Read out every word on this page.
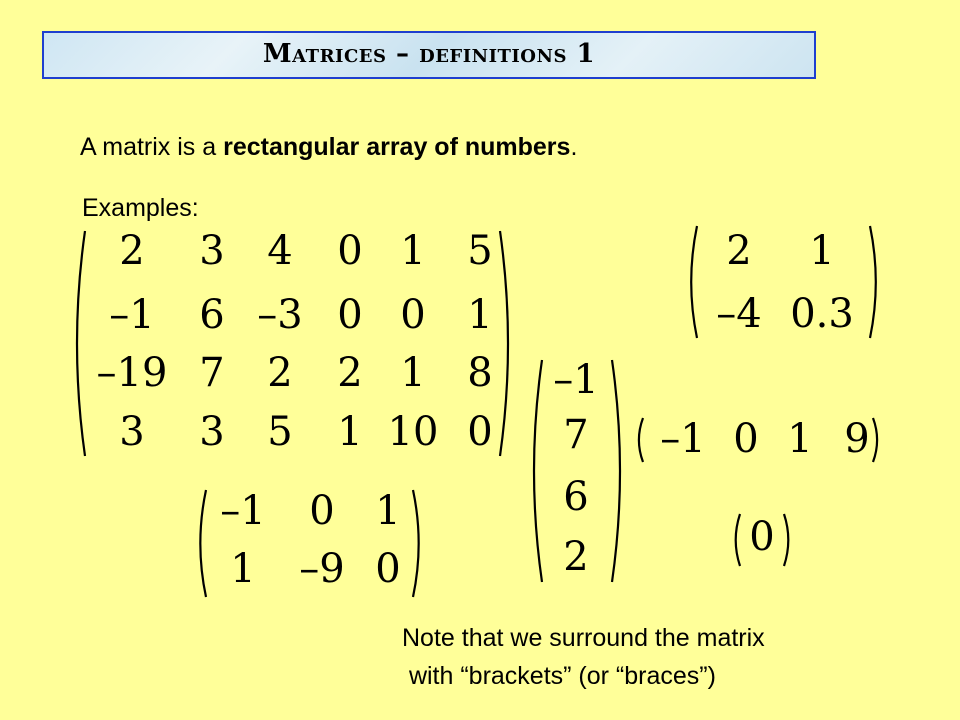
Matrices – definitions 1
A matrix is a rectangular array of numbers.
Examples:
2 3 4 0 1 5
–1 6 –3 0 0 1
–19 7 2 2 1 8
3 3 5 1 10 0
2 1
–4 0.3
–1
7
6
2
–1 0 1 9
–1 0 1
1 –9 0
0
Note that we surround the matrix
with “brackets” (or “braces”)
